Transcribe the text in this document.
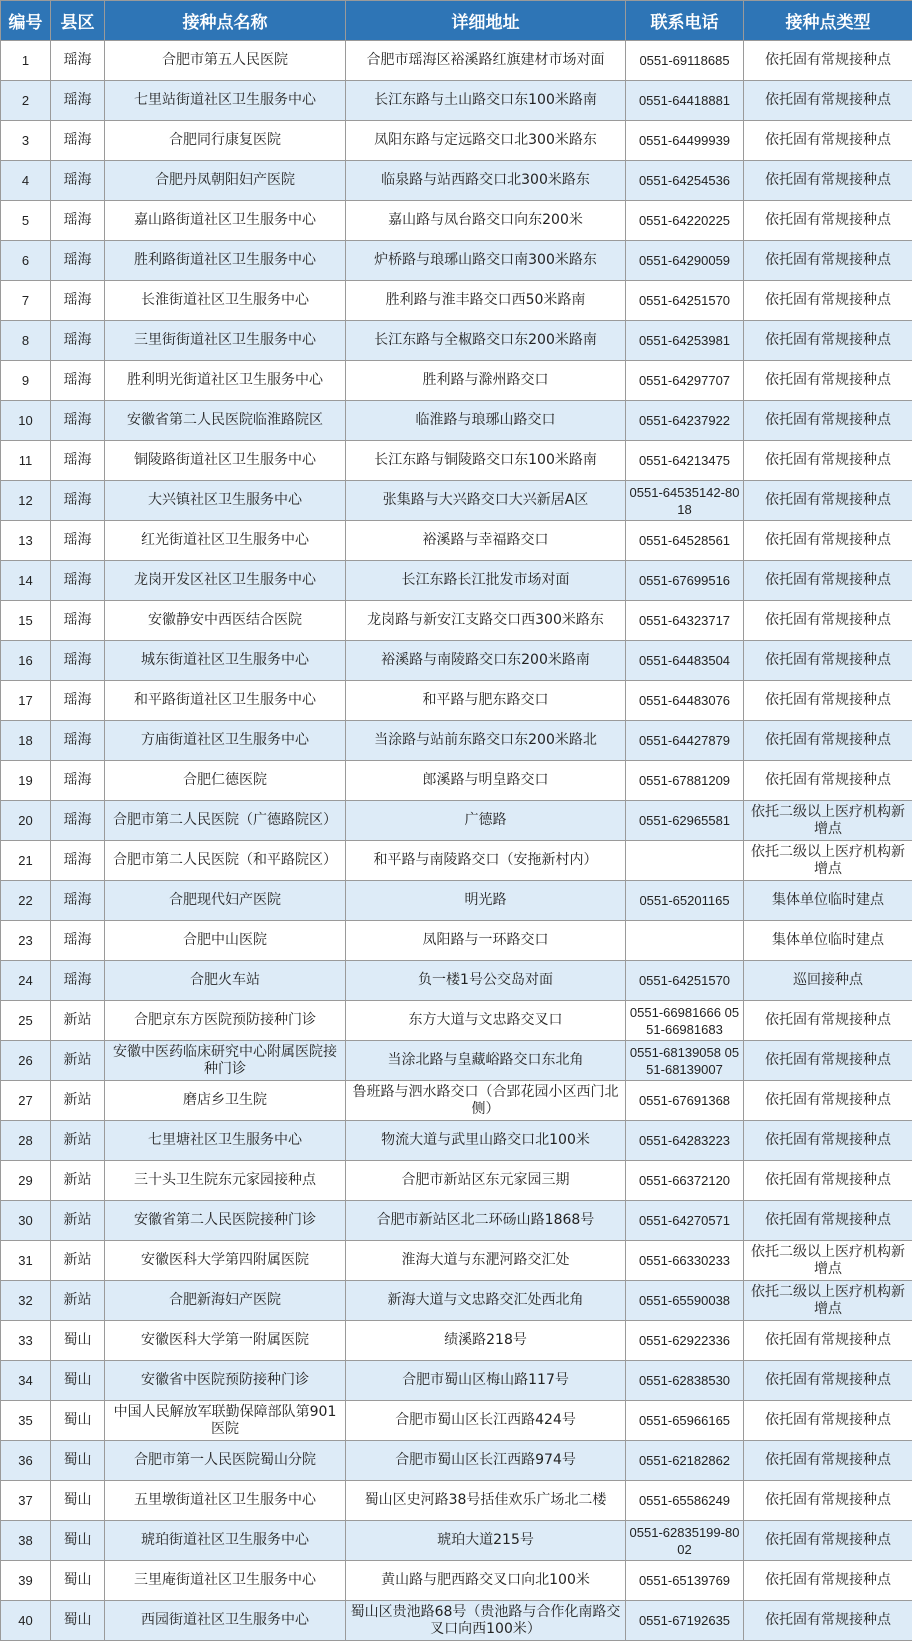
编号	县区	接种点名称	详细地址	联系电话	接种点类型
1	瑶海	合肥市第五人民医院	合肥市瑶海区裕溪路红旗建材市场对面	0551-69118685	依托固有常规接种点
2	瑶海	七里站街道社区卫生服务中心	长江东路与土山路交口东100米路南	0551-64418881	依托固有常规接种点
3	瑶海	合肥同行康复医院	凤阳东路与定远路交口北300米路东	0551-64499939	依托固有常规接种点
4	瑶海	合肥丹凤朝阳妇产医院	临泉路与站西路交口北300米路东	0551-64254536	依托固有常规接种点
5	瑶海	嘉山路街道社区卫生服务中心	嘉山路与凤台路交口向东200米	0551-64220225	依托固有常规接种点
6	瑶海	胜利路街道社区卫生服务中心	炉桥路与琅琊山路交口南300米路东	0551-64290059	依托固有常规接种点
7	瑶海	长淮街道社区卫生服务中心	胜利路与淮丰路交口西50米路南	0551-64251570	依托固有常规接种点
8	瑶海	三里街街道社区卫生服务中心	长江东路与全椒路交口东200米路南	0551-64253981	依托固有常规接种点
9	瑶海	胜利明光街道社区卫生服务中心	胜利路与滁州路交口	0551-64297707	依托固有常规接种点
10	瑶海	安徽省第二人民医院临淮路院区	临淮路与琅琊山路交口	0551-64237922	依托固有常规接种点
11	瑶海	铜陵路街道社区卫生服务中心	长江东路与铜陵路交口东100米路南	0551-64213475	依托固有常规接种点
12	瑶海	大兴镇社区卫生服务中心	张集路与大兴路交口大兴新居A区	0551-64535142-8018	依托固有常规接种点
13	瑶海	红光街道社区卫生服务中心	裕溪路与幸福路交口	0551-64528561	依托固有常规接种点
14	瑶海	龙岗开发区社区卫生服务中心	长江东路长江批发市场对面	0551-67699516	依托固有常规接种点
15	瑶海	安徽静安中西医结合医院	龙岗路与新安江支路交口西300米路东	0551-64323717	依托固有常规接种点
16	瑶海	城东街道社区卫生服务中心	裕溪路与南陵路交口东200米路南	0551-64483504	依托固有常规接种点
17	瑶海	和平路街道社区卫生服务中心	和平路与肥东路交口	0551-64483076	依托固有常规接种点
18	瑶海	方庙街道社区卫生服务中心	当涂路与站前东路交口东200米路北	0551-64427879	依托固有常规接种点
19	瑶海	合肥仁德医院	郎溪路与明皇路交口	0551-67881209	依托固有常规接种点
20	瑶海	合肥市第二人民医院（广德路院区）	广德路	0551-62965581	依托二级以上医疗机构新增点
21	瑶海	合肥市第二人民医院（和平路院区）	和平路与南陵路交口（安拖新村内）		依托二级以上医疗机构新增点
22	瑶海	合肥现代妇产医院	明光路	0551-65201165	集体单位临时建点
23	瑶海	合肥中山医院	凤阳路与一环路交口		集体单位临时建点
24	瑶海	合肥火车站	负一楼1号公交岛对面	0551-64251570	巡回接种点
25	新站	合肥京东方医院预防接种门诊	东方大道与文忠路交叉口	0551-66981666 0551-66981683	依托固有常规接种点
26	新站	安徽中医药临床研究中心附属医院接种门诊	当涂北路与皇藏峪路交口东北角	0551-68139058 0551-68139007	依托固有常规接种点
27	新站	磨店乡卫生院	鲁班路与泗水路交口（合郢花园小区西门北侧）	0551-67691368	依托固有常规接种点
28	新站	七里塘社区卫生服务中心	物流大道与武里山路交口北100米	0551-64283223	依托固有常规接种点
29	新站	三十头卫生院东元家园接种点	合肥市新站区东元家园三期	0551-66372120	依托固有常规接种点
30	新站	安徽省第二人民医院接种门诊	合肥市新站区北二环砀山路1868号	0551-64270571	依托固有常规接种点
31	新站	安徽医科大学第四附属医院	淮海大道与东淝河路交汇处	0551-66330233	依托二级以上医疗机构新增点
32	新站	合肥新海妇产医院	新海大道与文忠路交汇处西北角	0551-65590038	依托二级以上医疗机构新增点
33	蜀山	安徽医科大学第一附属医院	绩溪路218号	0551-62922336	依托固有常规接种点
34	蜀山	安徽省中医院预防接种门诊	合肥市蜀山区梅山路117号	0551-62838530	依托固有常规接种点
35	蜀山	中国人民解放军联勤保障部队第901医院	合肥市蜀山区长江西路424号	0551-65966165	依托固有常规接种点
36	蜀山	合肥市第一人民医院蜀山分院	合肥市蜀山区长江西路974号	0551-62182862	依托固有常规接种点
37	蜀山	五里墩街道社区卫生服务中心	蜀山区史河路38号括佳欢乐广场北二楼	0551-65586249	依托固有常规接种点
38	蜀山	琥珀街道社区卫生服务中心	琥珀大道215号	0551-62835199-8002	依托固有常规接种点
39	蜀山	三里庵街道社区卫生服务中心	黄山路与肥西路交叉口向北100米	0551-65139769	依托固有常规接种点
40	蜀山	西园街道社区卫生服务中心	蜀山区贵池路68号（贵池路与合作化南路交叉口向西100米）	0551-67192635	依托固有常规接种点
